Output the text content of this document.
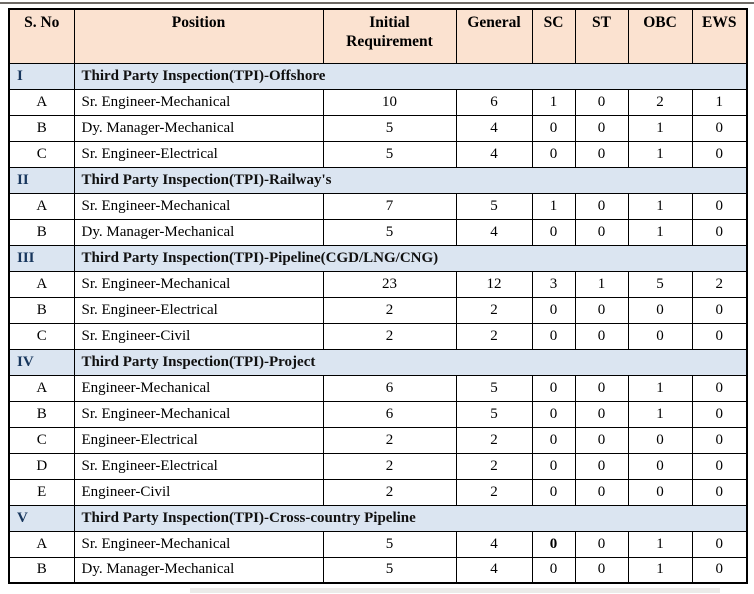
S. No	Position	Initial Requirement	General	SC	ST	OBC	EWS
I	Third Party Inspection(TPI)-Offshore						
A	Sr. Engineer-Mechanical	10	6	1	0	2	1
B	Dy. Manager-Mechanical	5	4	0	0	1	0
C	Sr. Engineer-Electrical	5	4	0	0	1	0
II	Third Party Inspection(TPI)-Railway's						
A	Sr. Engineer-Mechanical	7	5	1	0	1	0
B	Dy. Manager-Mechanical	5	4	0	0	1	0
III	Third Party Inspection(TPI)-Pipeline(CGD/LNG/CNG)						
A	Sr. Engineer-Mechanical	23	12	3	1	5	2
B	Sr. Engineer-Electrical	2	2	0	0	0	0
C	Sr. Engineer-Civil	2	2	0	0	0	0
IV	Third Party Inspection(TPI)-Project						
A	Engineer-Mechanical	6	5	0	0	1	0
B	Sr. Engineer-Mechanical	6	5	0	0	1	0
C	Engineer-Electrical	2	2	0	0	0	0
D	Sr. Engineer-Electrical	2	2	0	0	0	0
E	Engineer-Civil	2	2	0	0	0	0
V	Third Party Inspection(TPI)-Cross-country Pipeline						
A	Sr. Engineer-Mechanical	5	4	0	0	1	0
B	Dy. Manager-Mechanical	5	4	0	0	1	0
